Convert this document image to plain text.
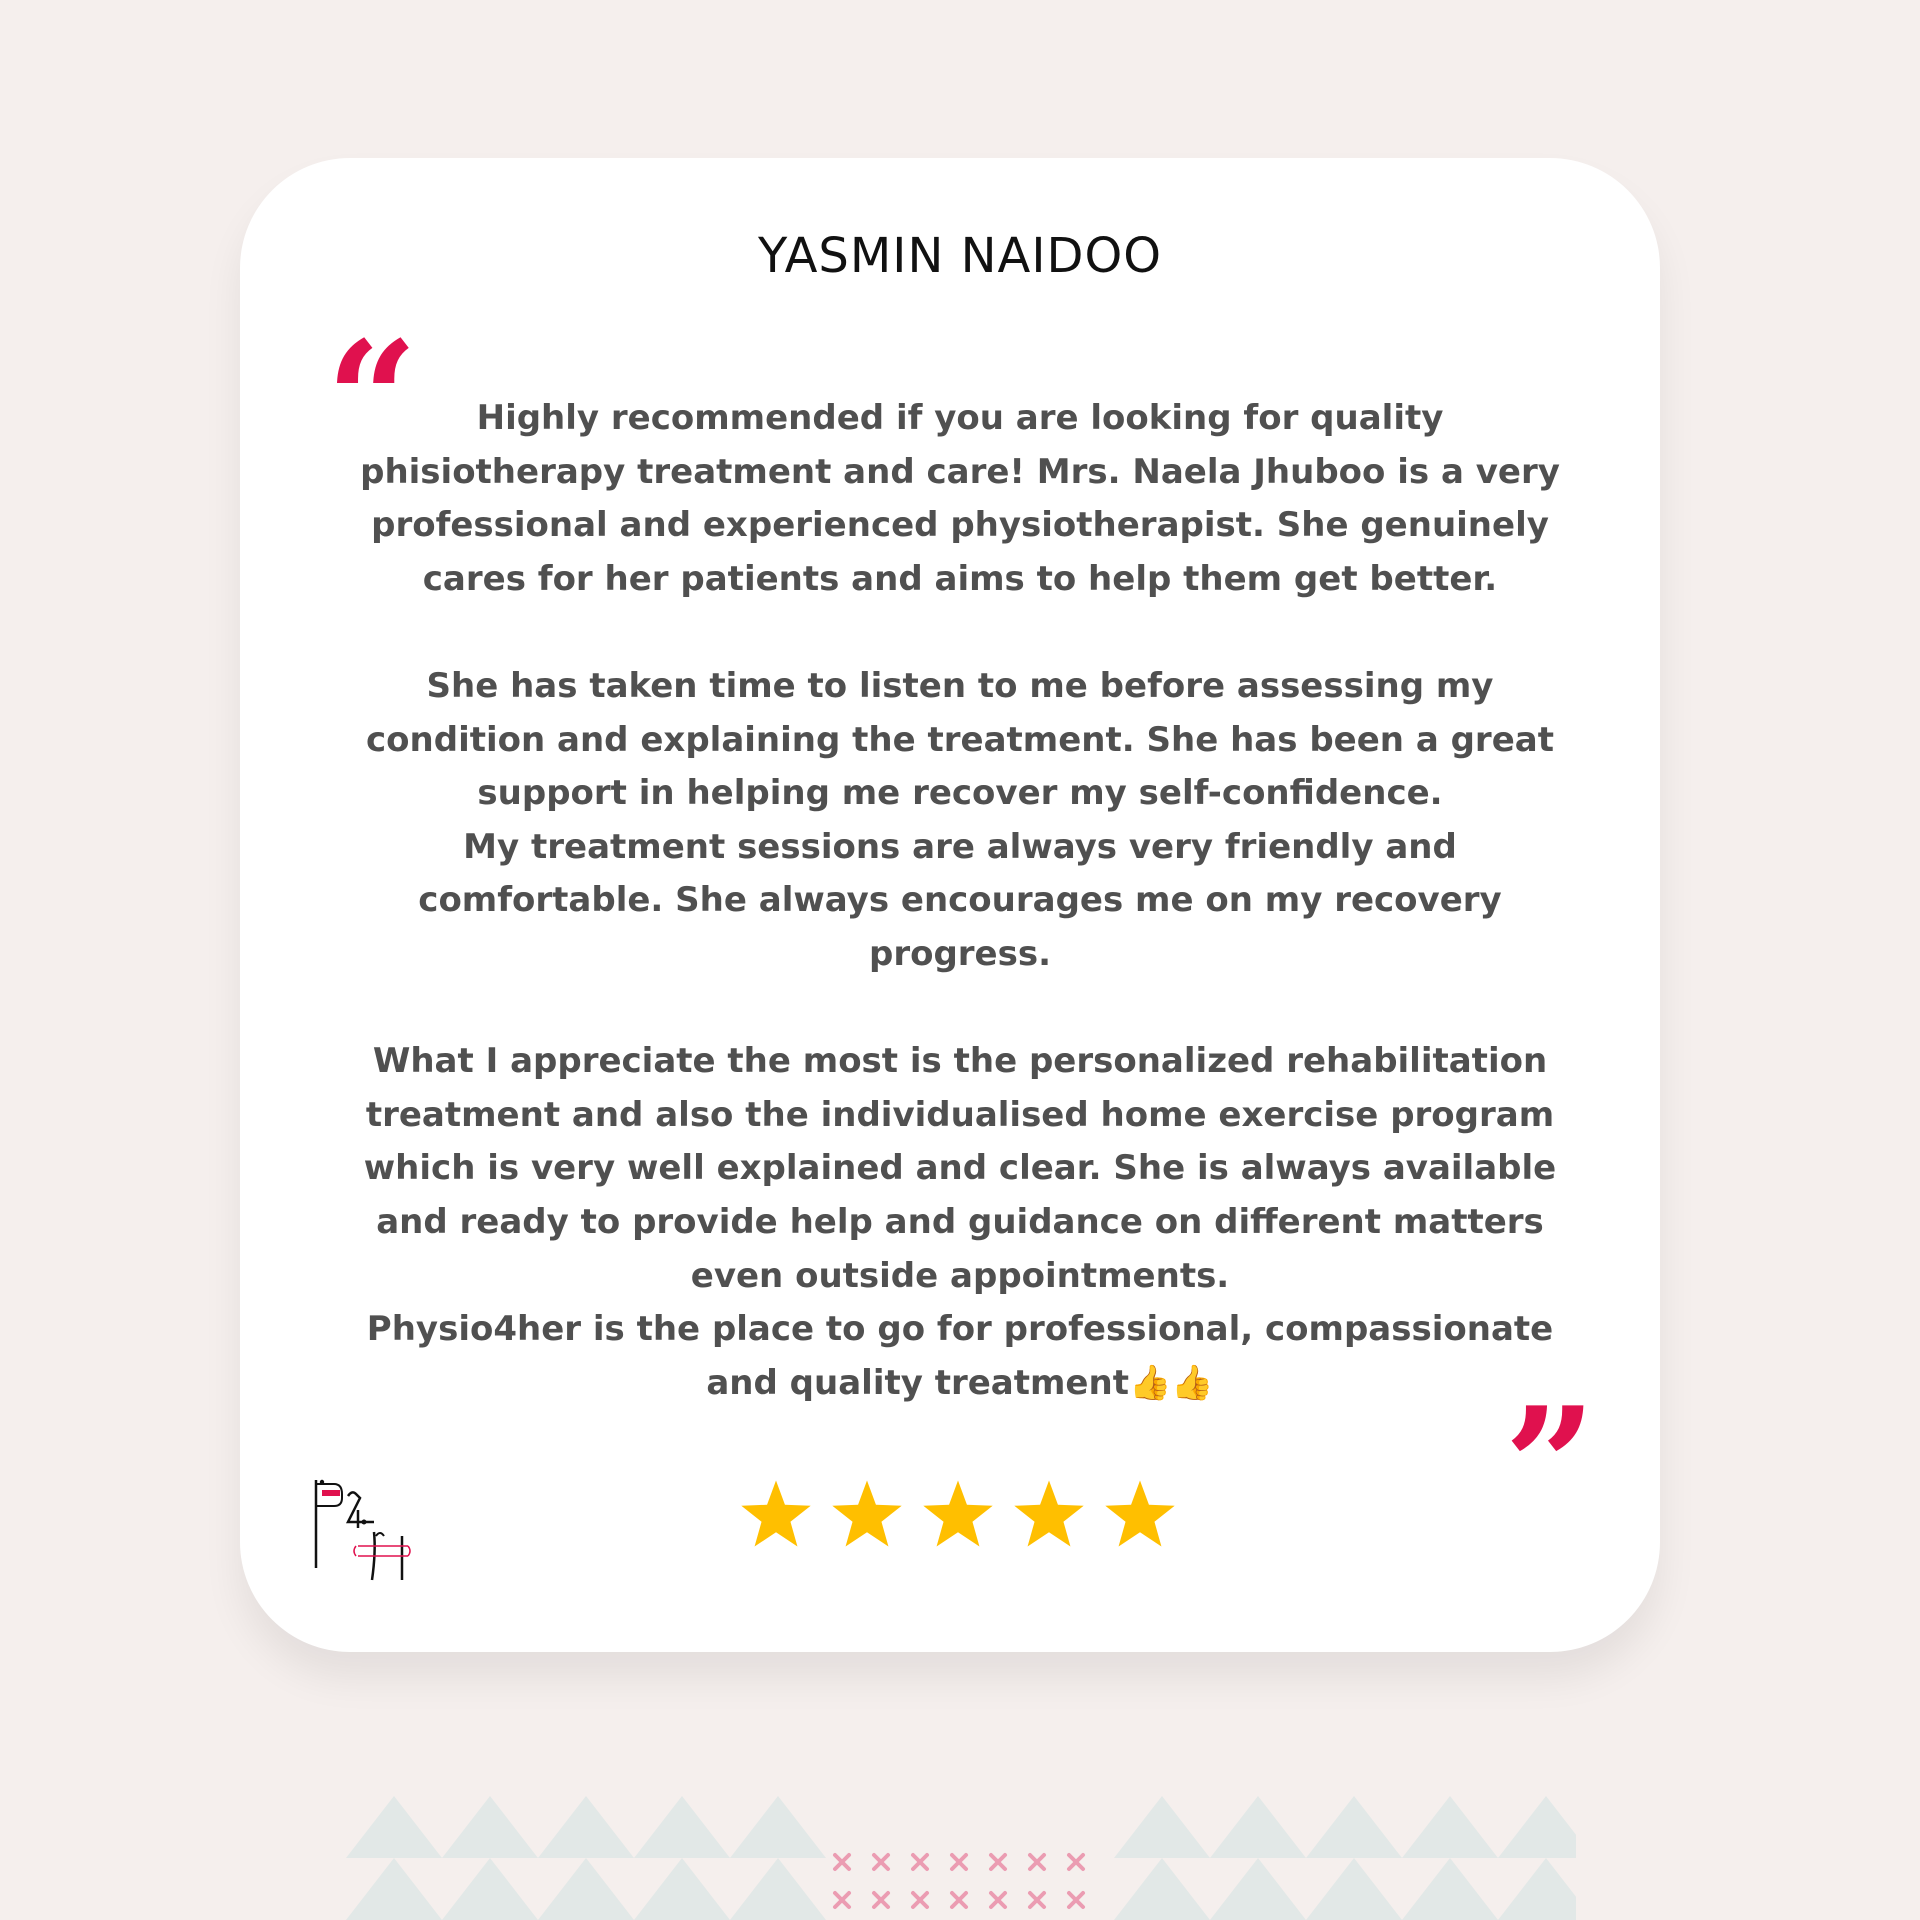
YASMIN NAIDOO
“	Highly recommended if you are looking for quality phisiotherapy treatment and care! Mrs. Naela Jhuboo is a very professional and experienced physiotherapist. She genuinely cares for her patients and aims to help them get better.

She has taken time to listen to me before assessing my condition and explaining the treatment. She has been a great support in helping me recover my self-confidence.

My treatment sessions are always very friendly and comfortable. She always encourages me on my recovery progress.

What I appreciate the most is the personalized rehabilitation treatment and also the individualised home exercise program which is very well explained and clear. She is always available and ready to provide help and guidance on different matters even outside appointments.

Physio4her is the place to go for professional, compassionate and quality treatment👍👍	”
